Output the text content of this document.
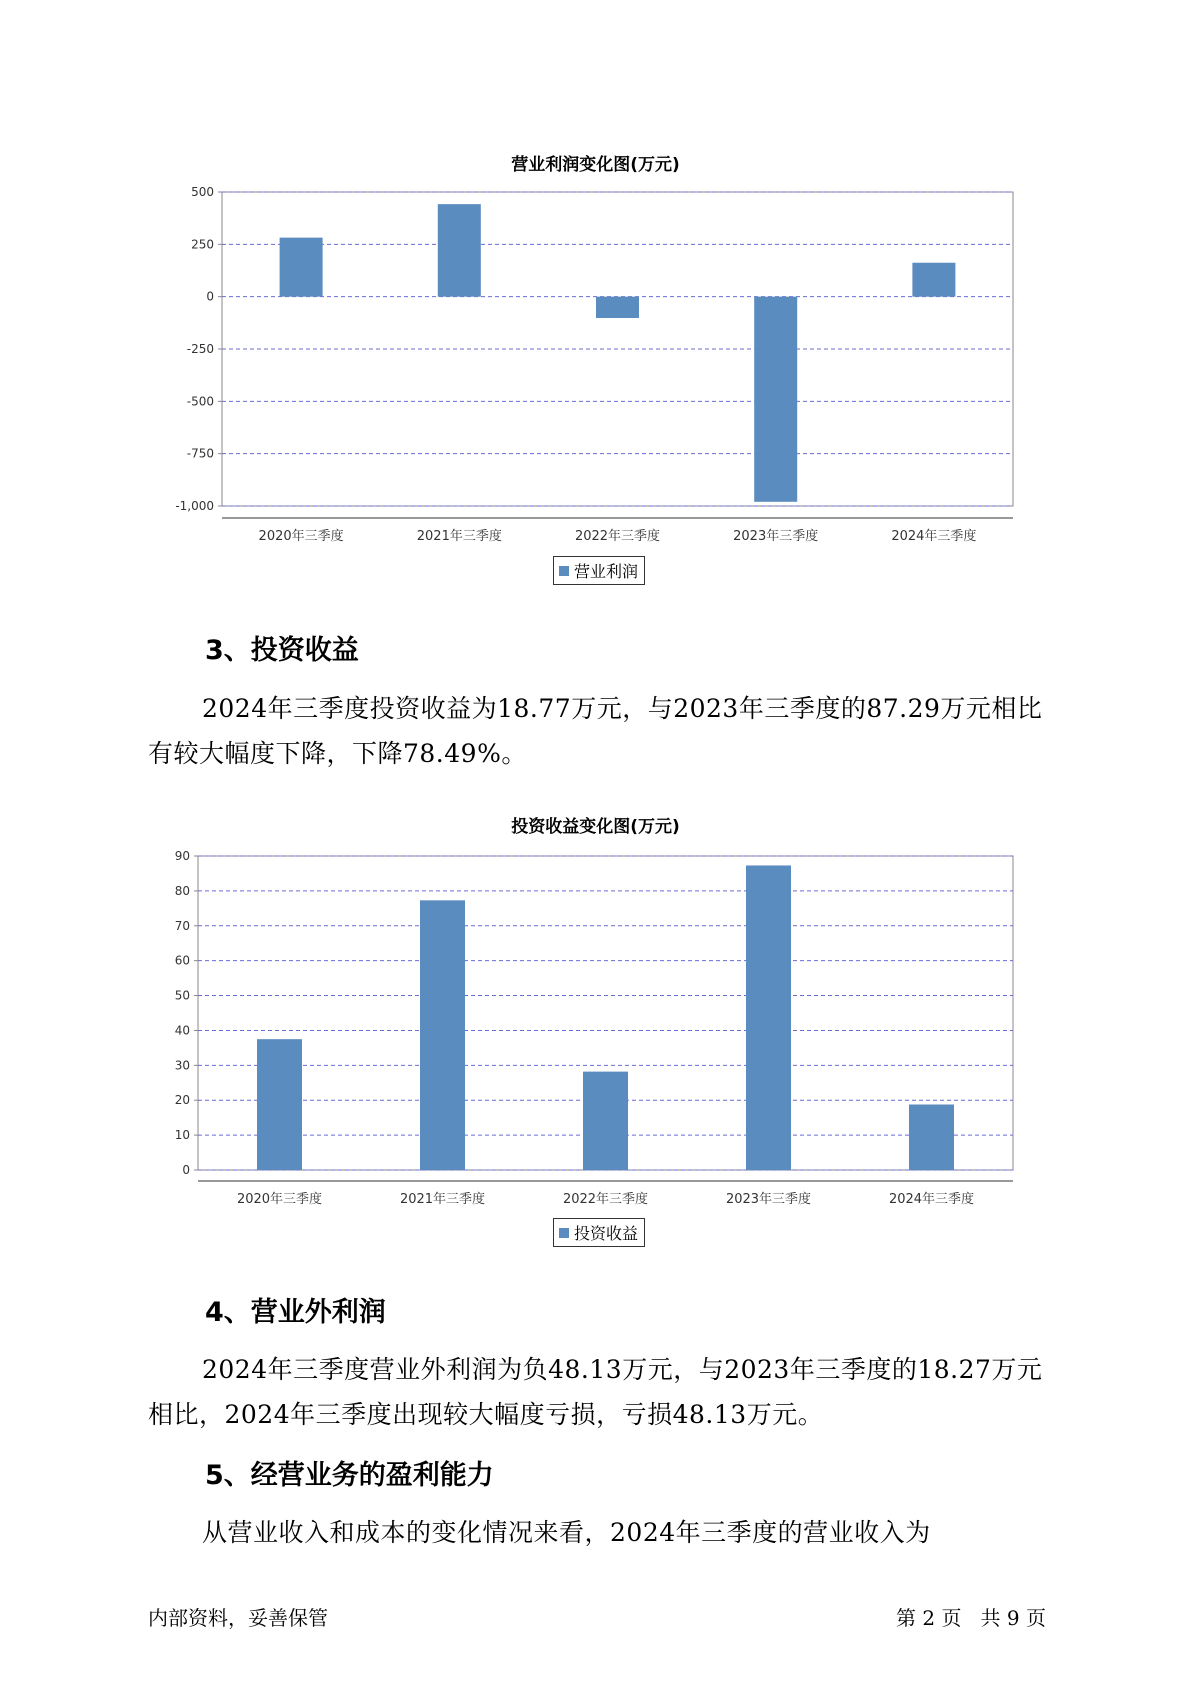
营业利润变化图(万元)
500
250
0
-250
-500
-750
-1,000
2020年三季度	2021年三季度	2022年三季度	2023年三季度	2024年三季度
营业利润
3、投资收益
2024年三季度投资收益为18.77万元，与2023年三季度的87.29万元相比有较大幅度下降，下降78.49%。
投资收益变化图(万元)
90
80
70
60
50
40
30
20
10
0
2020年三季度	2021年三季度	2022年三季度	2023年三季度	2024年三季度
投资收益
4、营业外利润
2024年三季度营业外利润为负48.13万元，与2023年三季度的18.27万元相比，2024年三季度出现较大幅度亏损，亏损48.13万元。
5、经营业务的盈利能力
从营业收入和成本的变化情况来看，2024年三季度的营业收入为
内部资料，妥善保管	第 2 页   共 9 页
